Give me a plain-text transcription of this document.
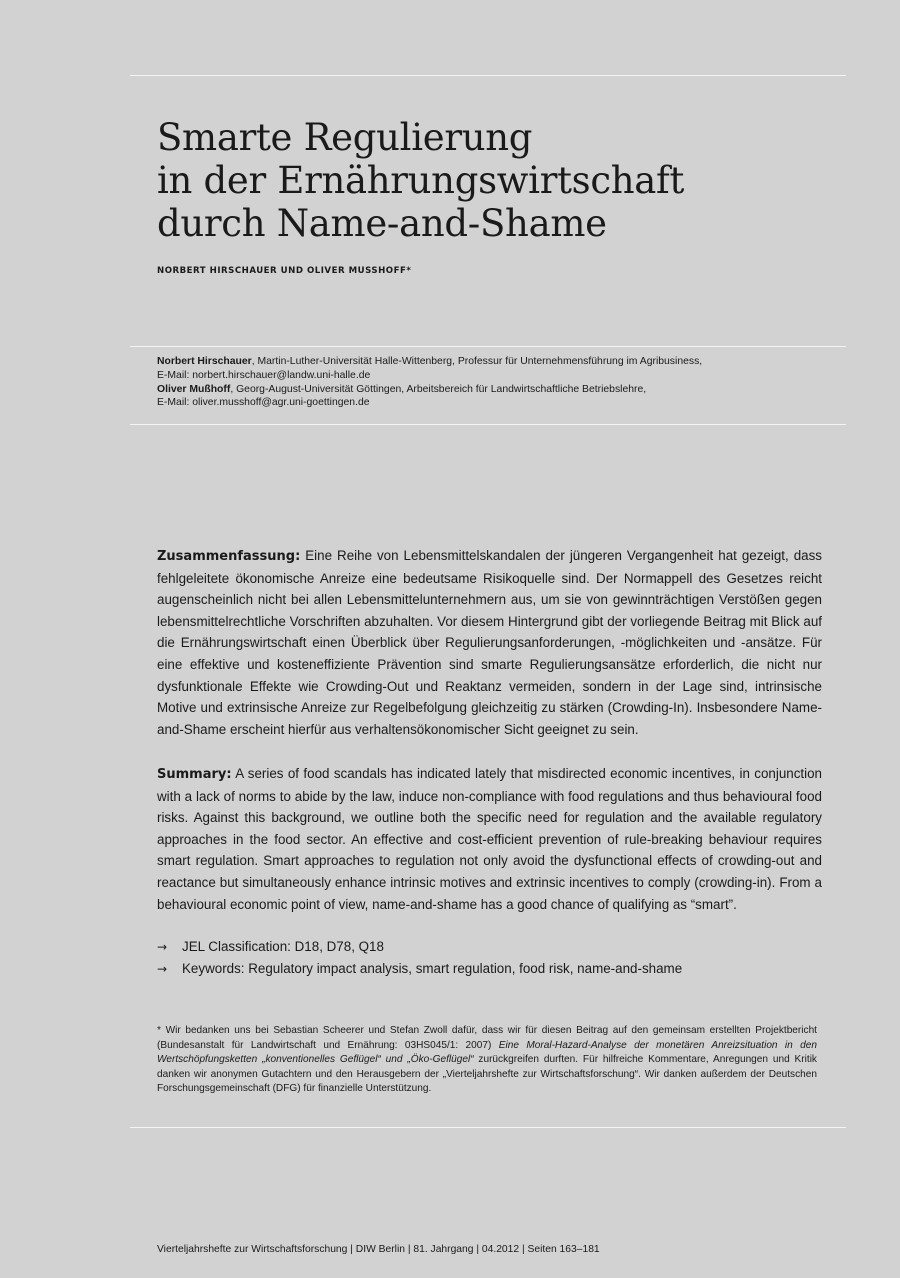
Smarte Regulierung
in der Ernährungswirtschaft
durch Name-and-Shame
NORBERT HIRSCHAUER UND OLIVER MUSSHOFF*
Norbert Hirschauer, Martin-Luther-Universität Halle-Wittenberg, Professur für Unternehmensführung im Agribusiness,
E-Mail: norbert.hirschauer@landw.uni-halle.de
Oliver Mußhoff, Georg-August-Universität Göttingen, Arbeitsbereich für Landwirtschaftliche Betriebslehre,
E-Mail: oliver.musshoff@agr.uni-goettingen.de

Zusammenfassung: Eine Reihe von Lebensmittelskandalen der jüngeren Vergangenheit hat gezeigt, dass fehlgeleitete ökonomische Anreize eine bedeutsame Risikoquelle sind. Der Normappell des Gesetzes reicht augenscheinlich nicht bei allen Lebensmittelunternehmern aus, um sie von gewinnträchtigen Verstößen gegen lebensmittelrechtliche Vorschriften abzuhalten. Vor diesem Hintergrund gibt der vorliegende Beitrag mit Blick auf die Ernährungswirtschaft einen Überblick über Regulierungsanforderungen, -möglichkeiten und -ansätze. Für eine effektive und kosteneffiziente Prävention sind smarte Regulierungsansätze erforderlich, die nicht nur dysfunktionale Effekte wie Crowding-Out und Reaktanz vermeiden, sondern in der Lage sind, intrinsische Motive und extrinsische Anreize zur Regelbefolgung gleichzeitig zu stärken (Crowding-In). Insbesondere Name-and-Shame erscheint hierfür aus verhaltensökonomischer Sicht geeignet zu sein.

Summary: A series of food scandals has indicated lately that misdirected economic incentives, in conjunction with a lack of norms to abide by the law, induce non-compliance with food regulations and thus behavioural food risks. Against this background, we outline both the specific need for regulation and the available regulatory approaches in the food sector. An effective and cost-efficient prevention of rule-breaking behaviour requires smart regulation. Smart approaches to regulation not only avoid the dysfunctional effects of crowding-out and reactance but simultaneously enhance intrinsic motives and extrinsic incentives to comply (crowding-in). From a behavioural economic point of view, name-and-shame has a good chance of qualifying as “smart”.

→	JEL Classification: D18, D78, Q18
→	Keywords: Regulatory impact analysis, smart regulation, food risk, name-and-shame

* Wir bedanken uns bei Sebastian Scheerer und Stefan Zwoll dafür, dass wir für diesen Beitrag auf den gemeinsam erstellten Projektbericht (Bundesanstalt für Landwirtschaft und Ernährung: 03HS045/1: 2007) Eine Moral-Hazard-Analyse der monetären Anreizsituation in den Wertschöpfungsketten „konventionelles Geflügel“ und „Öko-Geflügel“ zurückgreifen durften. Für hilfreiche Kommentare, Anregungen und Kritik danken wir anonymen Gutachtern und den Herausgebern der „Vierteljahrshefte zur Wirtschaftsforschung“. Wir danken außerdem der Deutschen Forschungsgemeinschaft (DFG) für finanzielle Unterstützung.

Vierteljahrshefte zur Wirtschaftsforschung | DIW Berlin | 81. Jahrgang | 04.2012 | Seiten 163–181
